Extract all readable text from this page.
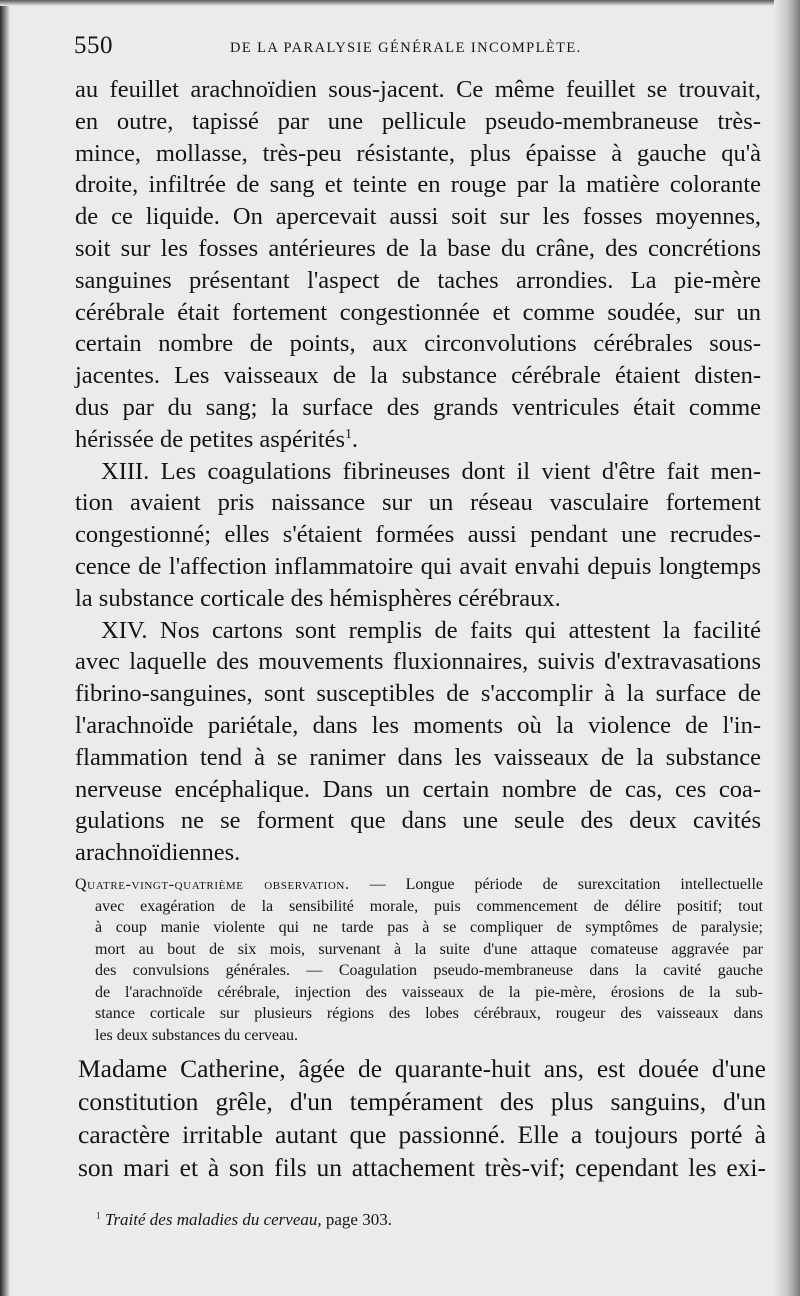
550	DE LA PARALYSIE GÉNÉRALE INCOMPLÈTE.
au feuillet arachnoïdien sous-jacent. Ce même feuillet se trouvait,
en outre, tapissé par une pellicule pseudo-membraneuse très-
mince, mollasse, très-peu résistante, plus épaisse à gauche qu'à
droite, infiltrée de sang et teinte en rouge par la matière colorante
de ce liquide. On apercevait aussi soit sur les fosses moyennes,
soit sur les fosses antérieures de la base du crâne, des concrétions
sanguines présentant l'aspect de taches arrondies. La pie-mère
cérébrale était fortement congestionnée et comme soudée, sur un
certain nombre de points, aux circonvolutions cérébrales sous-
jacentes. Les vaisseaux de la substance cérébrale étaient disten-
dus par du sang; la surface des grands ventricules était comme
hérissée de petites aspérités$^1$.
XIII. Les coagulations fibrineuses dont il vient d'être fait men-
tion avaient pris naissance sur un réseau vasculaire fortement
congestionné; elles s'étaient formées aussi pendant une recrudes-
cence de l'affection inflammatoire qui avait envahi depuis longtemps
la substance corticale des hémisphères cérébraux.
XIV. Nos cartons sont remplis de faits qui attestent la facilité
avec laquelle des mouvements fluxionnaires, suivis d'extravasations
fibrino-sanguines, sont susceptibles de s'accomplir à la surface de
l'arachnoïde pariétale, dans les moments où la violence de l'in-
flammation tend à se ranimer dans les vaisseaux de la substance
nerveuse encéphalique. Dans un certain nombre de cas, ces coa-
gulations ne se forment que dans une seule des deux cavités
arachnoïdiennes.
Quatre-vingt-quatrième observation. — Longue période de surexcitation intellectuelle
avec exagération de la sensibilité morale, puis commencement de délire positif; tout
à coup manie violente qui ne tarde pas à se compliquer de symptômes de paralysie;
mort au bout de six mois, survenant à la suite d'une attaque comateuse aggravée par
des convulsions générales. — Coagulation pseudo-membraneuse dans la cavité gauche
de l'arachnoïde cérébrale, injection des vaisseaux de la pie-mère, érosions de la sub-
stance corticale sur plusieurs régions des lobes cérébraux, rougeur des vaisseaux dans
les deux substances du cerveau.
Madame Catherine, âgée de quarante-huit ans, est douée d'une
constitution grêle, d'un tempérament des plus sanguins, d'un
caractère irritable autant que passionné. Elle a toujours porté à
son mari et à son fils un attachement très-vif; cependant les exi-
$^1$ Traité des maladies du cerveau, page 303.
